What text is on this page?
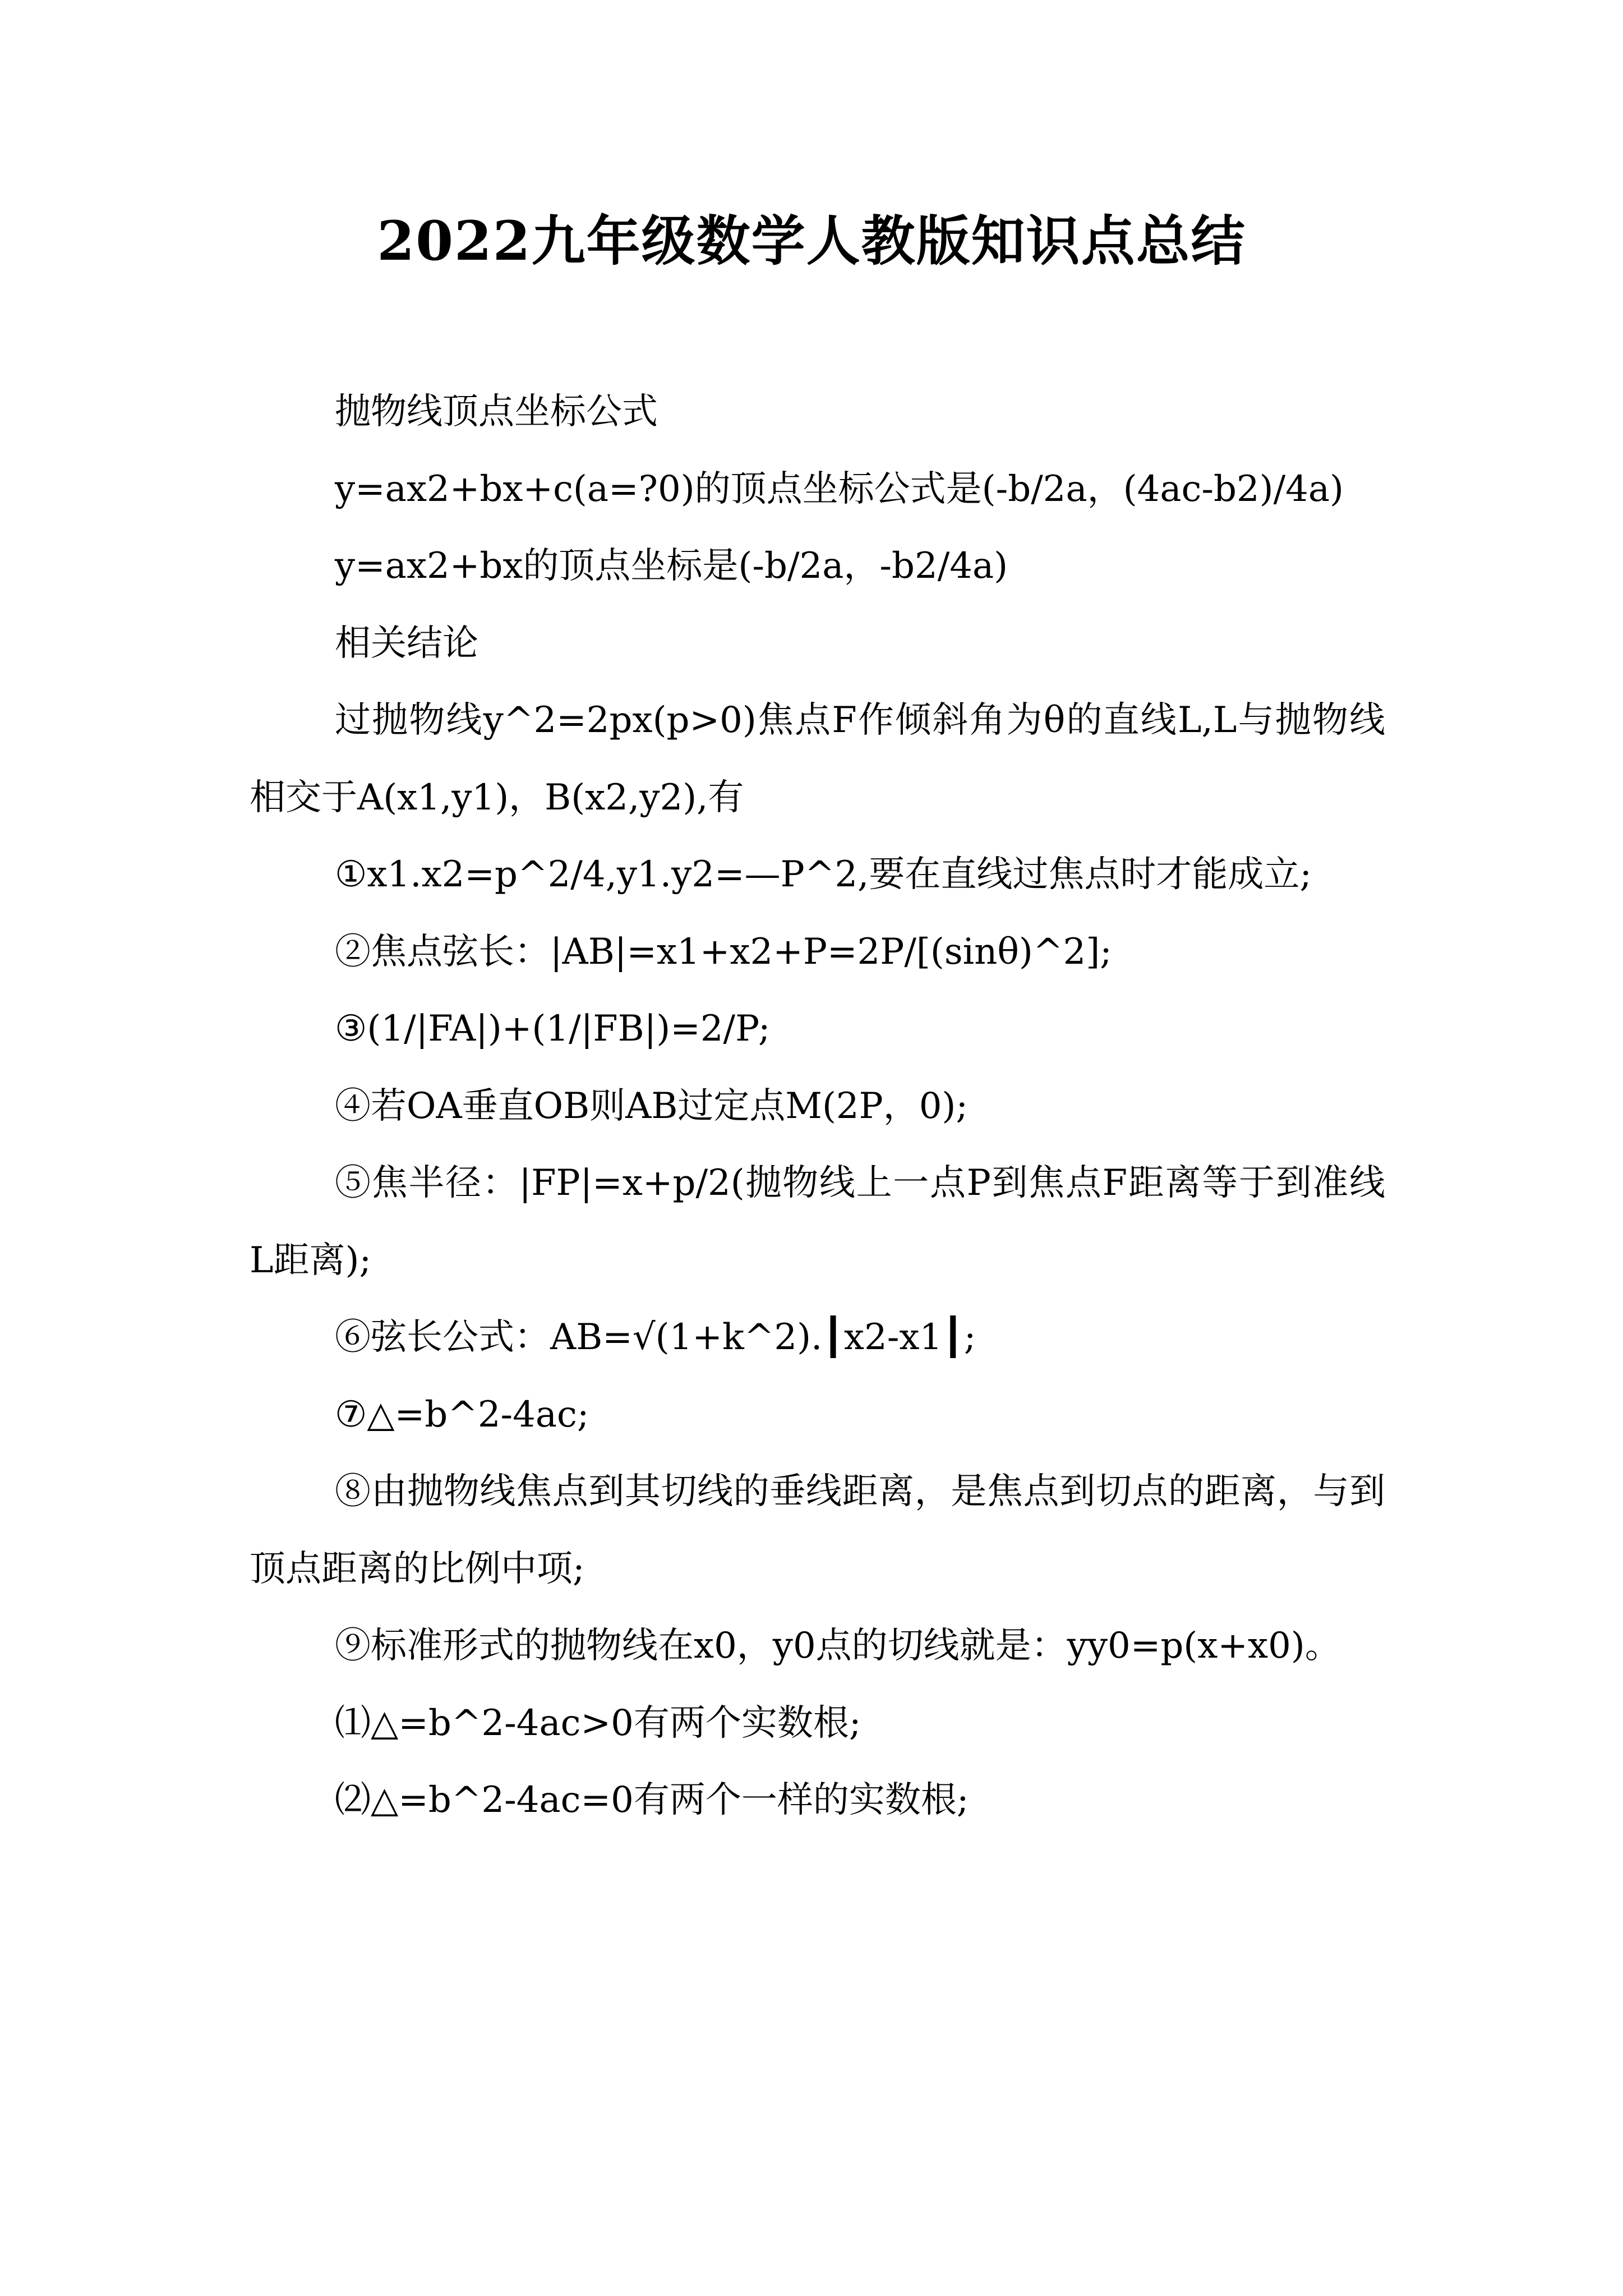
2022九年级数学人教版知识点总结

抛物线顶点坐标公式

y=ax2+bx+c(a=?0)的顶点坐标公式是(-b/2a，(4ac-b2)/4a)

y=ax2+bx的顶点坐标是(-b/2a，-b2/4a)

相关结论

过抛物线y^2=2px(p>0)焦点F作倾斜角为θ的直线L,L与抛物线相交于A(x1,y1)，B(x2,y2),有

①x1.x2=p^2/4,y1.y2=—P^2,要在直线过焦点时才能成立;

②焦点弦长：|AB|=x1+x2+P=2P/[(sinθ)^2];

③(1/|FA|)+(1/|FB|)=2/P;

④若OA垂直OB则AB过定点M(2P，0);

⑤焦半径：|FP|=x+p/2(抛物线上一点P到焦点F距离等于到准线L距离);

⑥弦长公式：AB=√(1+k^2).┃x2-x1┃;

⑦△=b^2-4ac;

⑧由抛物线焦点到其切线的垂线距离，是焦点到切点的距离，与到顶点距离的比例中项;

⑨标准形式的抛物线在x0，y0点的切线就是：yy0=p(x+x0)。

⑴△=b^2-4ac>0有两个实数根;

⑵△=b^2-4ac=0有两个一样的实数根;
